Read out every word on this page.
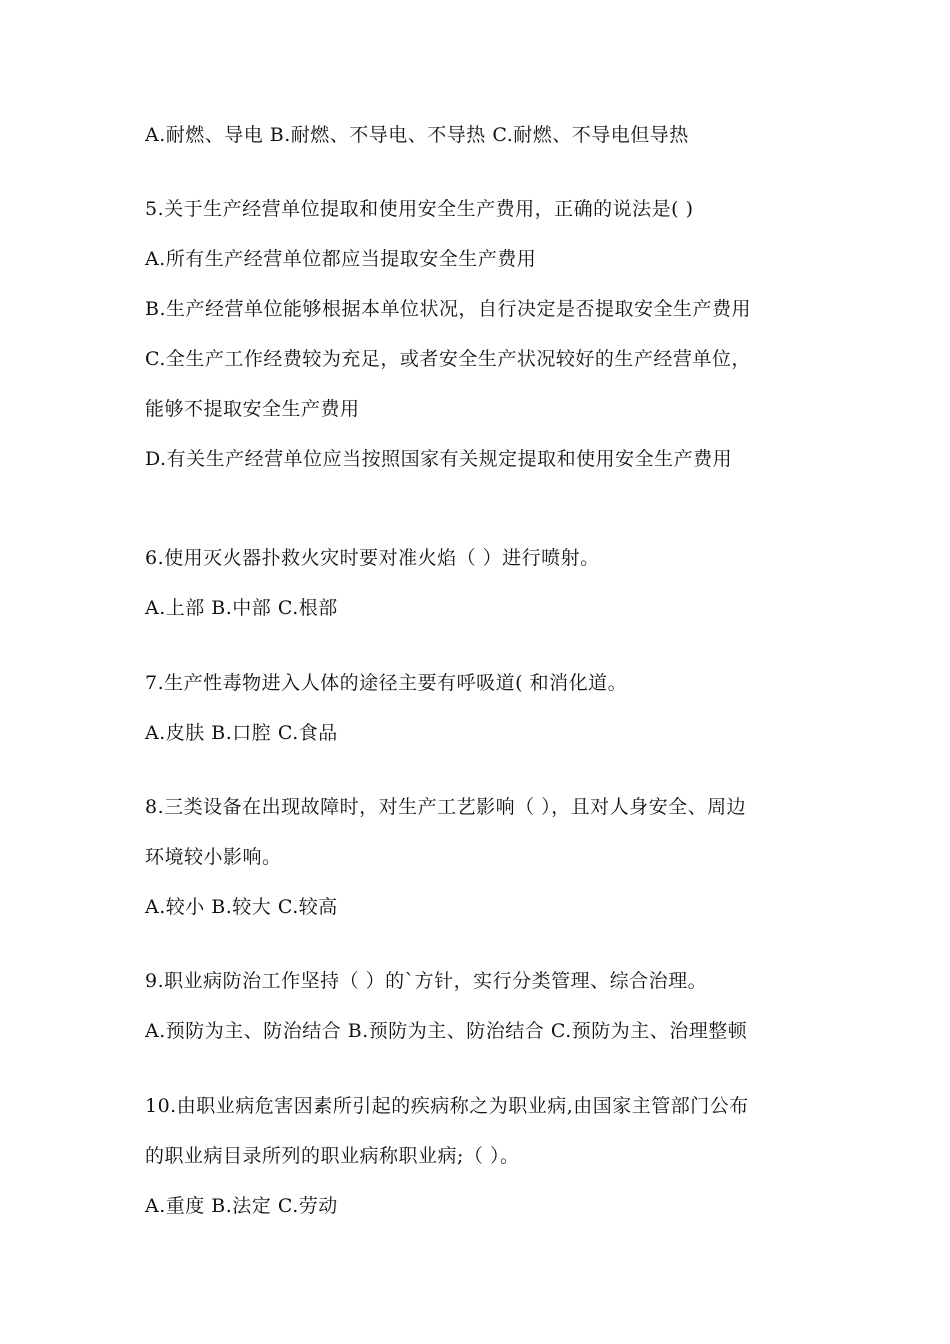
A.耐燃、导电 B.耐燃、不导电、不导热 C.耐燃、不导电但导热
5.关于生产经营单位提取和使用安全生产费用，正确的说法是( )
A.所有生产经营单位都应当提取安全生产费用
B.生产经营单位能够根据本单位状况，自行决定是否提取安全生产费用
C.全生产工作经费较为充足，或者安全生产状况较好的生产经营单位，
能够不提取安全生产费用
D.有关生产经营单位应当按照国家有关规定提取和使用安全生产费用
6.使用灭火器扑救火灾时要对准火焰（ ）进行喷射。
A.上部 B.中部 C.根部
7.生产性毒物进入人体的途径主要有呼吸道( 和消化道。
A.皮肤 B.口腔 C.食品
8.三类设备在出现故障时，对生产工艺影响（ ），且对人身安全、周边
环境较小影响。
A.较小 B.较大 C.较高
9.职业病防治工作坚持（ ）的`方针，实行分类管理、综合治理。
A.预防为主、防治结合 B.预防为主、防治结合 C.预防为主、治理整顿
10.由职业病危害因素所引起的疾病称之为职业病,由国家主管部门公布
的职业病目录所列的职业病称职业病;（ ）。
A.重度 B.法定 C.劳动
